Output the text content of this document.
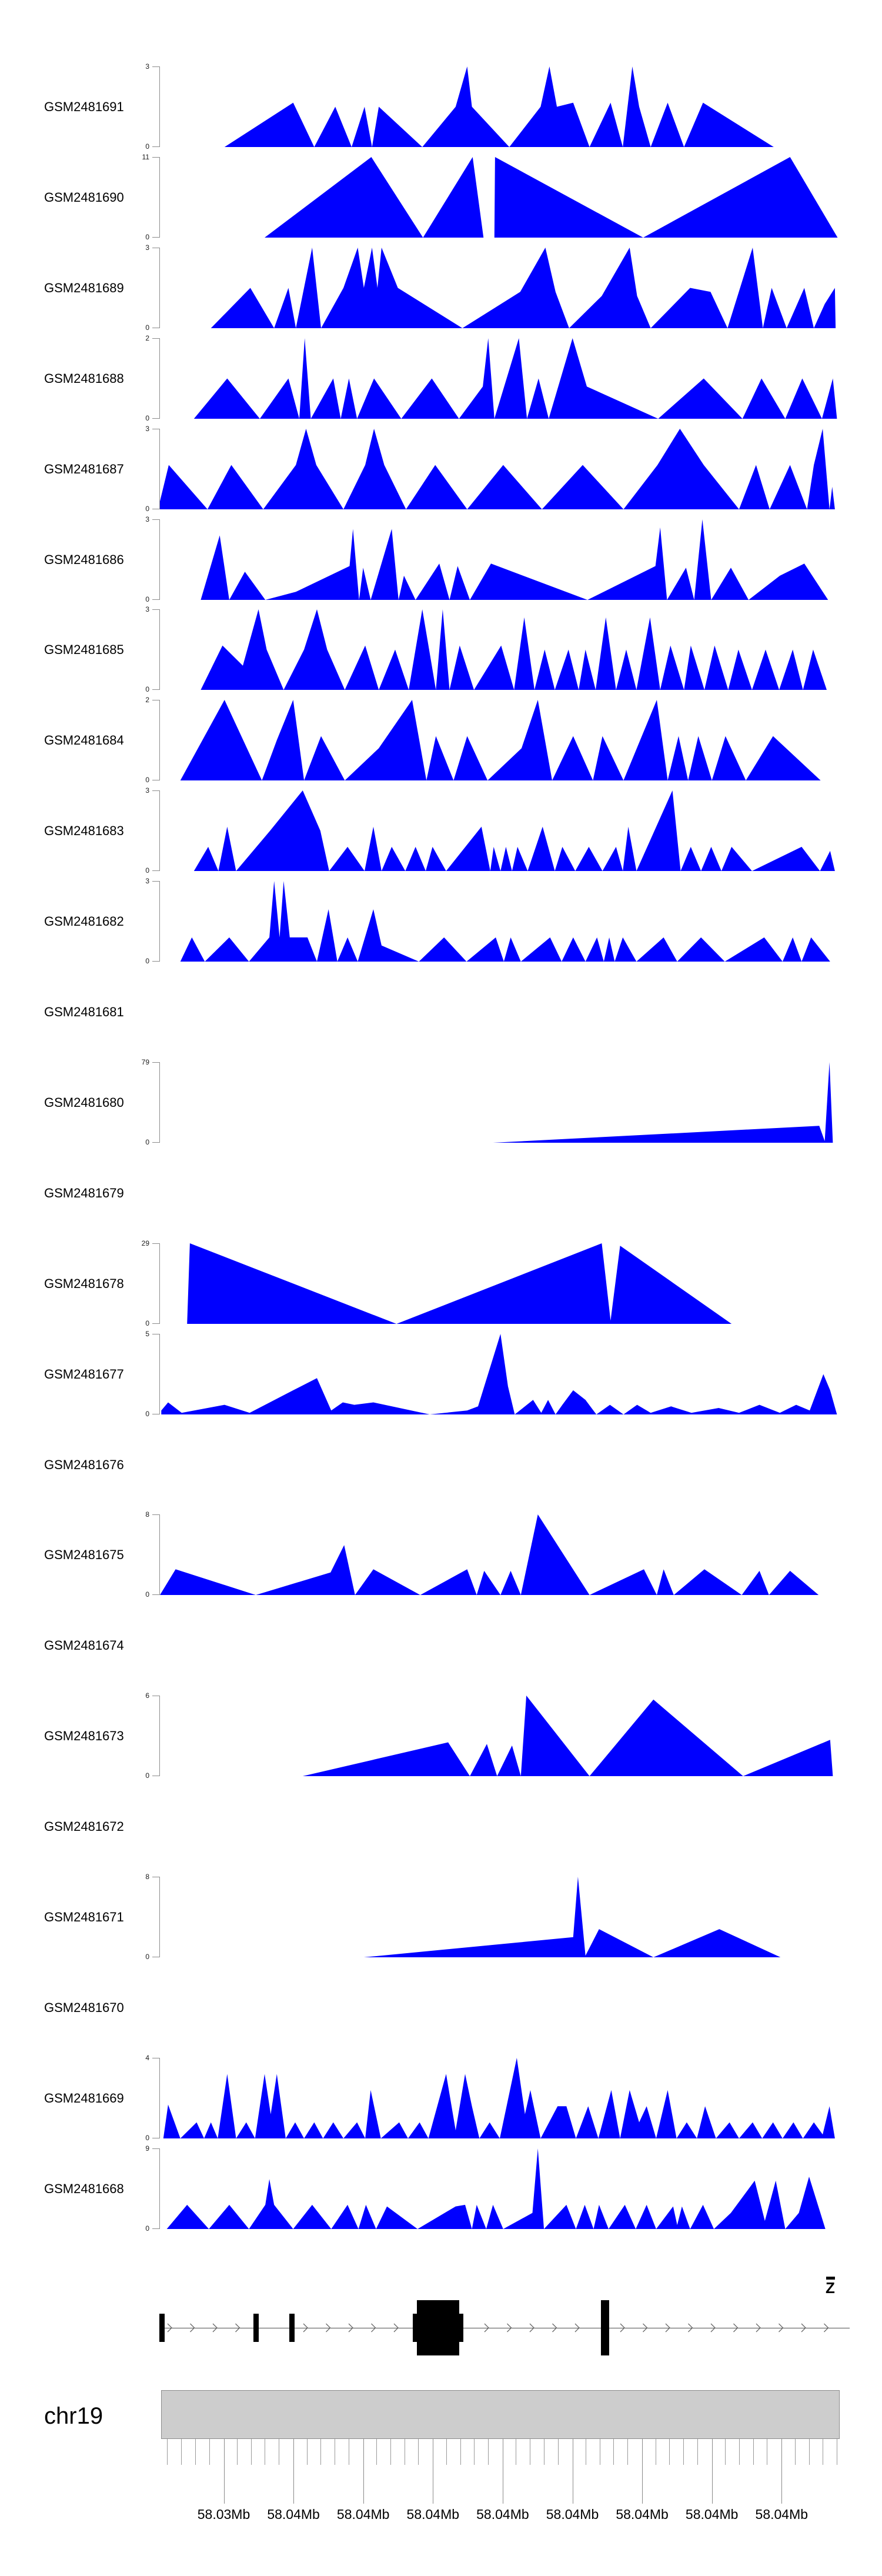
Z
chr19
GSM2481691
3
0
GSM2481690
11
0
GSM2481689
3
0
GSM2481688
2
0
GSM2481687
3
0
GSM2481686
3
0
GSM2481685
3
0
GSM2481684
2
0
GSM2481683
3
0
GSM2481682
3
0
GSM2481681
GSM2481680
79
0
GSM2481679
GSM2481678
29
0
GSM2481677
5
0
GSM2481676
GSM2481675
8
0
GSM2481674
GSM2481673
6
0
GSM2481672
GSM2481671
8
0
GSM2481670
GSM2481669
4
0
GSM2481668
9
0
58.03Mb 58.04Mb 58.04Mb 58.04Mb 58.04Mb 58.04Mb 58.04Mb 58.04Mb 58.04Mb
